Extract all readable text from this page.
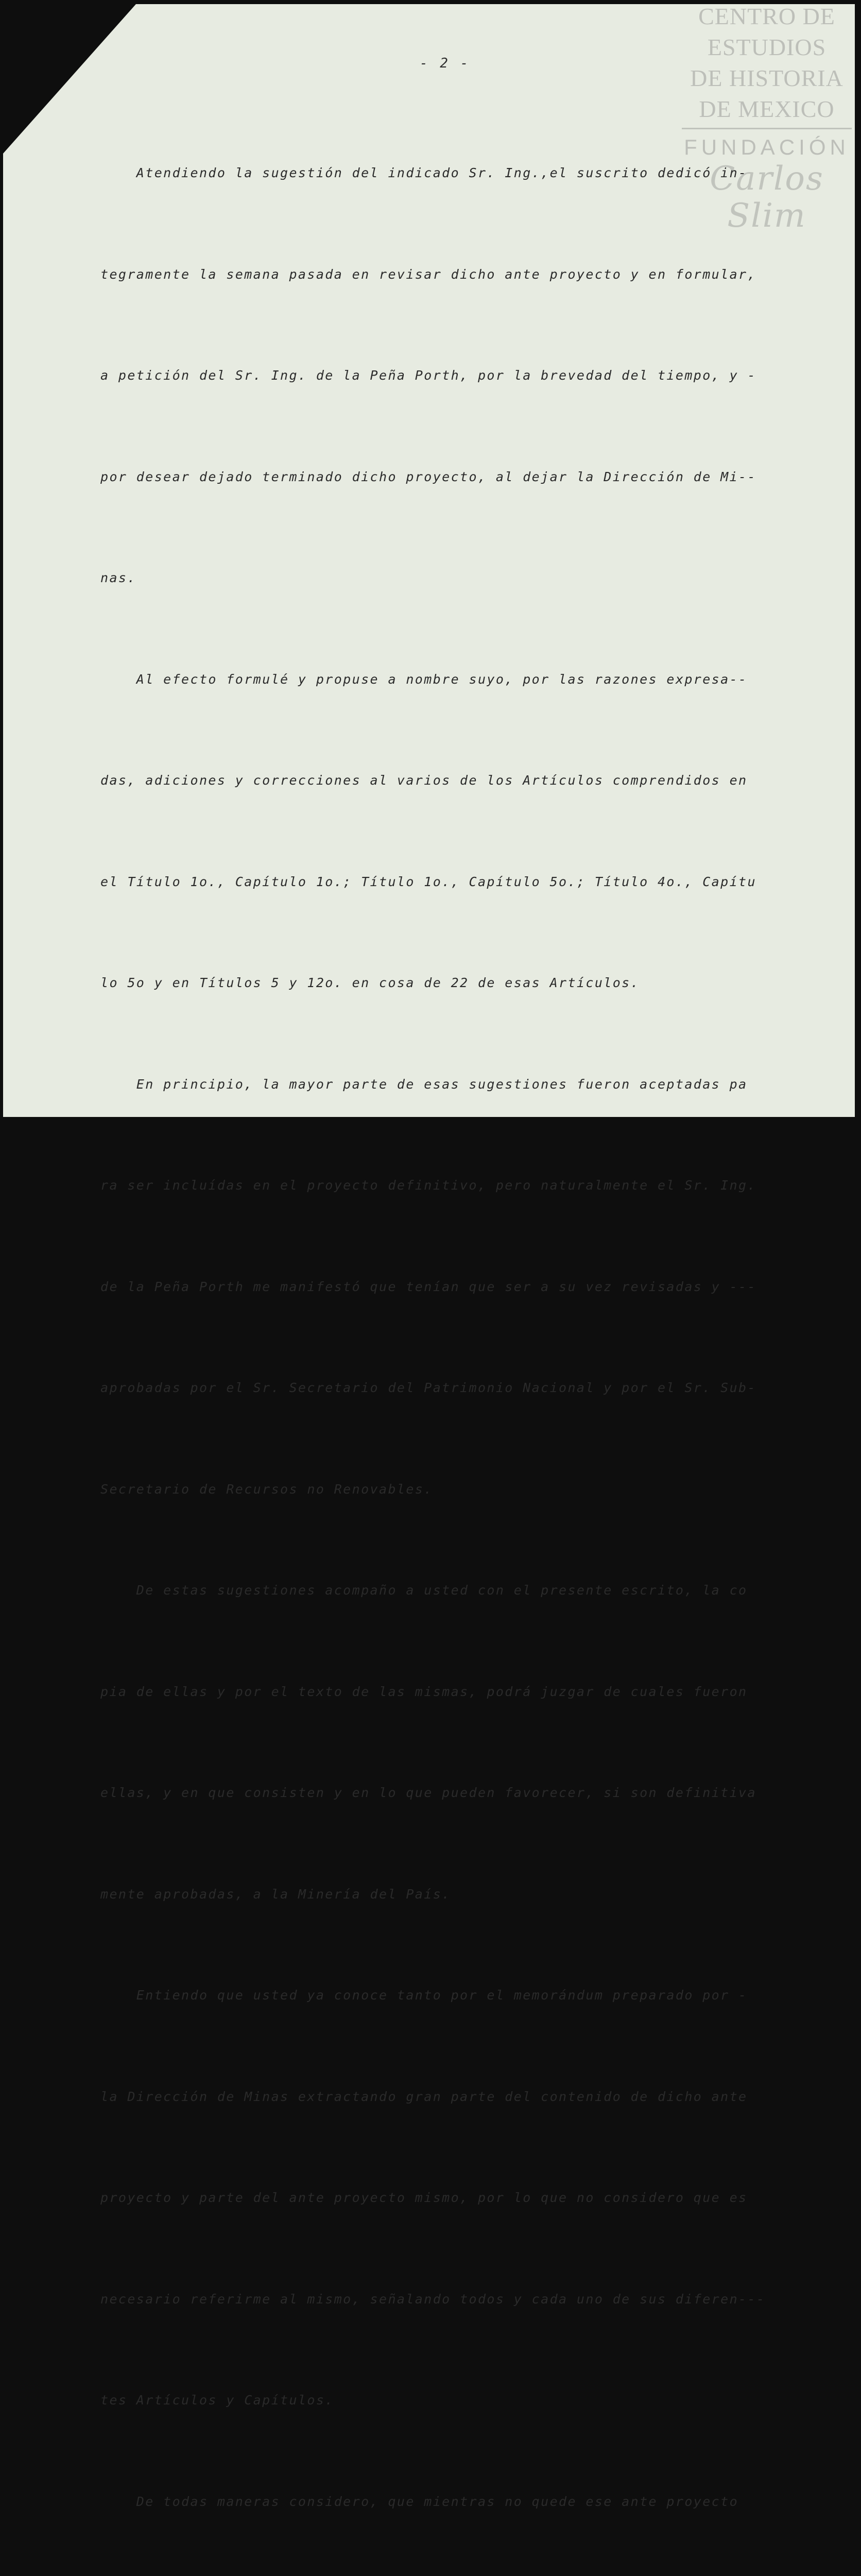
CENTRO DE
ESTUDIOS
DE HISTORIA
DE MEXICO
FUNDACIÓN
Carlos Slim
- 2 -

Atendiendo la sugestión del indicado Sr. Ing.,el suscrito dedicó in-

tegramente la semana pasada en revisar dicho ante proyecto y en formular,

a petición del Sr. Ing. de la Peña Porth, por la brevedad del tiempo, y -

por desear dejado terminado dicho proyecto, al dejar la Dirección de Mi--

nas.

Al efecto formulé y propuse a nombre suyo, por las razones expresa--

das, adiciones y correcciones al varios de los Artículos comprendidos en

el Título 1o., Capítulo 1o.; Título 1o., Capítulo 5o.; Título 4o., Capítu

lo 5o y en Títulos 5 y 12o. en cosa de 22 de esas Artículos.

En principio, la mayor parte de esas sugestiones fueron aceptadas pa

ra ser incluídas en el proyecto definitivo, pero naturalmente el Sr. Ing.

de la Peña Porth me manifestó que tenían que ser a su vez revisadas y ---

aprobadas por el Sr. Secretario del Patrimonio Nacional y por el Sr. Sub-

Secretario de Recursos no Renovables.

De estas sugestiones acompaño a usted con el presente escrito, la co

pia de ellas y por el texto de las mismas, podrá juzgar de cuales fueron

ellas, y en que consisten y en lo que pueden favorecer, si son definitiva

mente aprobadas, a la Minería del País.

Entiendo que usted ya conoce tanto por el memorándum preparado por -

la Dirección de Minas extractando gran parte del contenido de dicho ante

proyecto y parte del ante proyecto mismo, por lo que no considero que es

necesario referirme al mismo, señalando todos y cada uno de sus diferen---

tes Artículos y Capítulos.

De todas maneras considero, que mientras no quede ese ante proyecto
